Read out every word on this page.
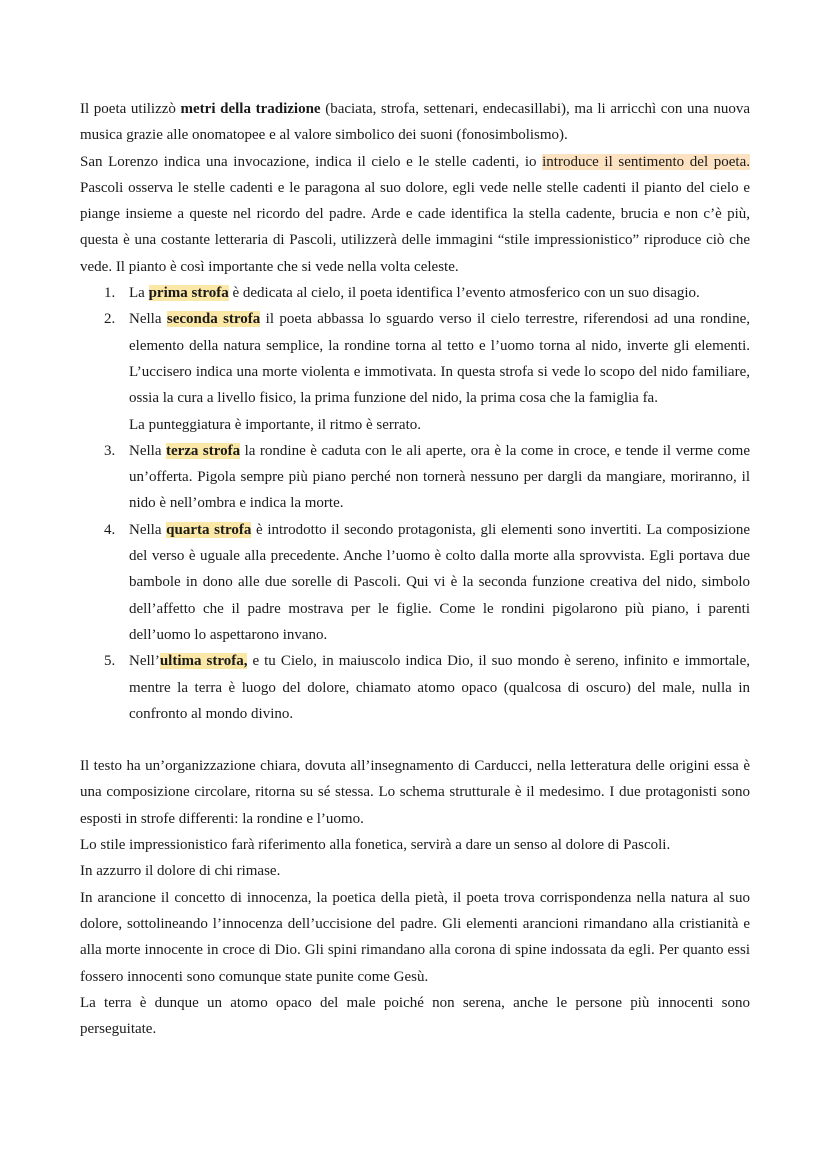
Il poeta utilizzò metri della tradizione (baciata, strofa, settenari, endecasillabi), ma li arricchì con una nuova musica grazie alle onomatopee e al valore simbolico dei suoni (fonosimbolismo).

San Lorenzo indica una invocazione, indica il cielo e le stelle cadenti, io introduce il sentimento del poeta. Pascoli osserva le stelle cadenti e le paragona al suo dolore, egli vede nelle stelle cadenti il pianto del cielo e piange insieme a queste nel ricordo del padre. Arde e cade identifica la stella cadente, brucia e non c’è più, questa è una costante letteraria di Pascoli, utilizzerà delle immagini “stile impressionistico” riproduce ciò che vede. Il pianto è così importante che si vede nella volta celeste.

1. La prima strofa è dedicata al cielo, il poeta identifica l’evento atmosferico con un suo disagio.
2. Nella seconda strofa il poeta abbassa lo sguardo verso il cielo terrestre, riferendosi ad una rondine, elemento della natura semplice, la rondine torna al tetto e l’uomo torna al nido, inverte gli elementi. L’uccisero indica una morte violenta e immotivata. In questa strofa si vede lo scopo del nido familiare, ossia la cura a livello fisico, la prima funzione del nido, la prima cosa che la famiglia fa.
La punteggiatura è importante, il ritmo è serrato.
3. Nella terza strofa la rondine è caduta con le ali aperte, ora è la come in croce, e tende il verme come un’offerta. Pigola sempre più piano perché non tornerà nessuno per dargli da mangiare, moriranno, il nido è nell’ombra e indica la morte.
4. Nella quarta strofa è introdotto il secondo protagonista, gli elementi sono invertiti. La composizione del verso è uguale alla precedente. Anche l’uomo è colto dalla morte alla sprovvista. Egli portava due bambole in dono alle due sorelle di Pascoli. Qui vi è la seconda funzione creativa del nido, simbolo dell’affetto che il padre mostrava per le figlie. Come le rondini pigolarono più piano, i parenti dell’uomo lo aspettarono invano.
5. Nell’ultima strofa, e tu Cielo, in maiuscolo indica Dio, il suo mondo è sereno, infinito e immortale, mentre la terra è luogo del dolore, chiamato atomo opaco (qualcosa di oscuro) del male, nulla in confronto al mondo divino.

Il testo ha un’organizzazione chiara, dovuta all’insegnamento di Carducci, nella letteratura delle origini essa è una composizione circolare, ritorna su sé stessa. Lo schema strutturale è il medesimo. I due protagonisti sono esposti in strofe differenti: la rondine e l’uomo.

Lo stile impressionistico farà riferimento alla fonetica, servirà a dare un senso al dolore di Pascoli.

In azzurro il dolore di chi rimase.

In arancione il concetto di innocenza, la poetica della pietà, il poeta trova corrispondenza nella natura al suo dolore, sottolineando l’innocenza dell’uccisione del padre. Gli elementi arancioni rimandano alla cristianità e alla morte innocente in croce di Dio. Gli spini rimandano alla corona di spine indossata da egli. Per quanto essi fossero innocenti sono comunque state punite come Gesù.

La terra è dunque un atomo opaco del male poiché non serena, anche le persone più innocenti sono perseguitate.
